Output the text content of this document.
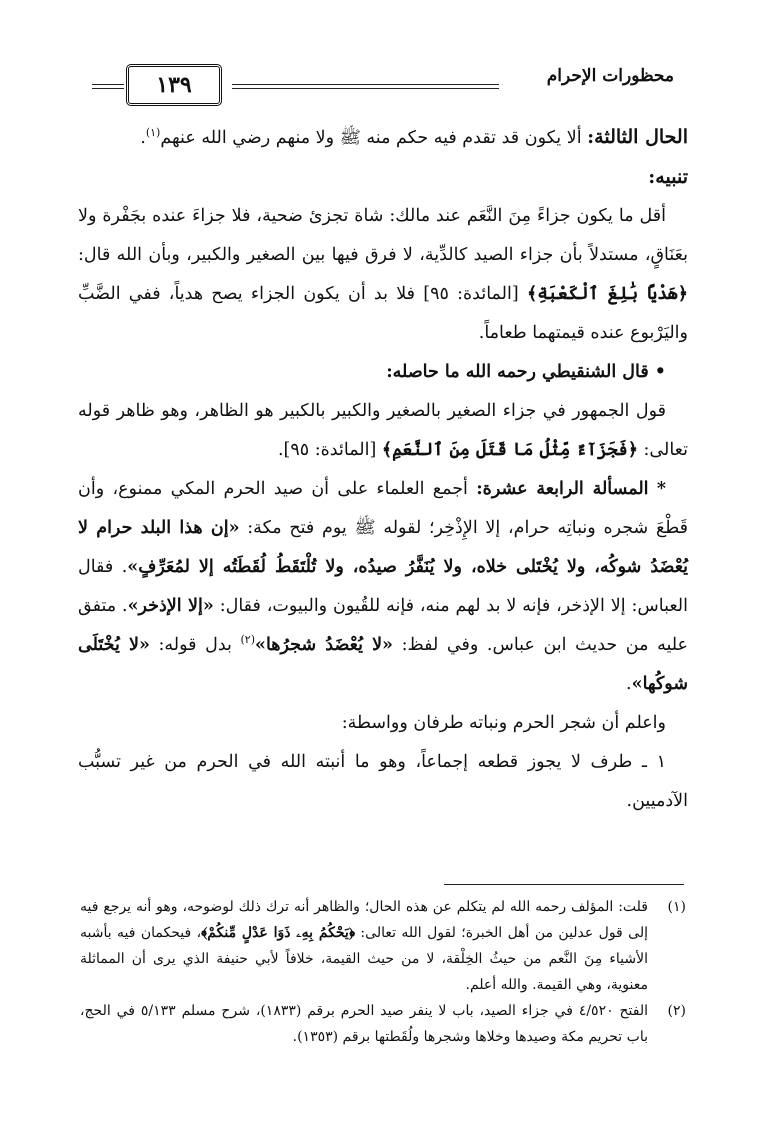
محظورات الإحرام
١٣٩

الحال الثالثة: ألا يكون قد تقدم فيه حكم منه ﷺ ولا منهم رضي الله عنهم$^{(١)}$.

تنبيه:

أقل ما يكون جزاءً مِنَ النَّعَم عند مالك: شاة تجزئ ضحية، فلا جزاءَ عنده بجَفْرة ولا بعَنَاقٍ، مستدلاً بأن جزاء الصيد كالدِّية، لا فرق فيها بين الصغير والكبير، وبأن الله قال: ﴿هَدْيًا بَٰلِغَ ٱلْكَعْبَةِ﴾ [المائدة: ٩٥] فلا بد أن يكون الجزاء يصح هدياً، ففي الضَّبِّ واليَرْبوع عنده قيمتهما طعاماً.

• قال الشنقيطي رحمه الله ما حاصله:

قول الجمهور في جزاء الصغير بالصغير والكبير بالكبير هو الظاهر، وهو ظاهر قوله تعالى: ﴿فَجَزَآءٌ مِّثْلُ مَا قَتَلَ مِنَ ٱلنَّعَمِ﴾ [المائدة: ٩٥].

* المسألة الرابعة عشرة: أجمع العلماء على أن صيد الحرم المكي ممنوع، وأن قَطْعَ شجره ونباتِه حرام، إلا الإِذْخِر؛ لقوله ﷺ يوم فتح مكة: «إن هذا البلد حرام لا يُعْضَدُ شوكُه، ولا يُخْتَلى خلاه، ولا يُنَفَّرُ صيدُه، ولا تُلْتَقَطُ لُقَطَتُه إلا لمُعَرِّفٍ». فقال العباس: إلا الإذخر، فإنه لا بد لهم منه، فإنه للقُيون والبيوت، فقال: «إلا الإذخر». متفق عليه من حديث ابن عباس. وفي لفظ: «لا يُعْضَدُ شجرُها»$^{(٢)}$ بدل قوله: «لا يُخْتَلَى شوكُها».

واعلم أن شجر الحرم ونباته طرفان وواسطة:

١ ـ طرف لا يجوز قطعه إجماعاً، وهو ما أنبته الله في الحرم من غير تسبُّب الآدميين.

(١)
قلت: المؤلف رحمه الله لم يتكلم عن هذه الحال؛ والظاهر أنه ترك ذلك لوضوحه، وهو أنه يرجع فيه إلى قول عدلين من أهل الخبرة؛ لقول الله تعالى: ﴿يَحْكُمُ بِهِۦ ذَوَا عَدْلٍ مِّنكُمْ﴾، فيحكمان فيه بأشبه الأشياء مِنَ النَّعم من حيثُ الخِلْقة، لا من حيث القيمة، خلافاً لأبي حنيفة الذي يرى أن المماثلة معنوية، وهي القيمة. والله أعلم.
(٢)
الفتح ٤/٥٢٠ في جزاء الصيد، باب لا ينفر صيد الحرم برقم (١٨٣٣)، شرح مسلم ٥/١٣٣ في الحج، باب تحريم مكة وصيدها وخلاها وشجرها ولُقَطتها برقم (١٣٥٣).
